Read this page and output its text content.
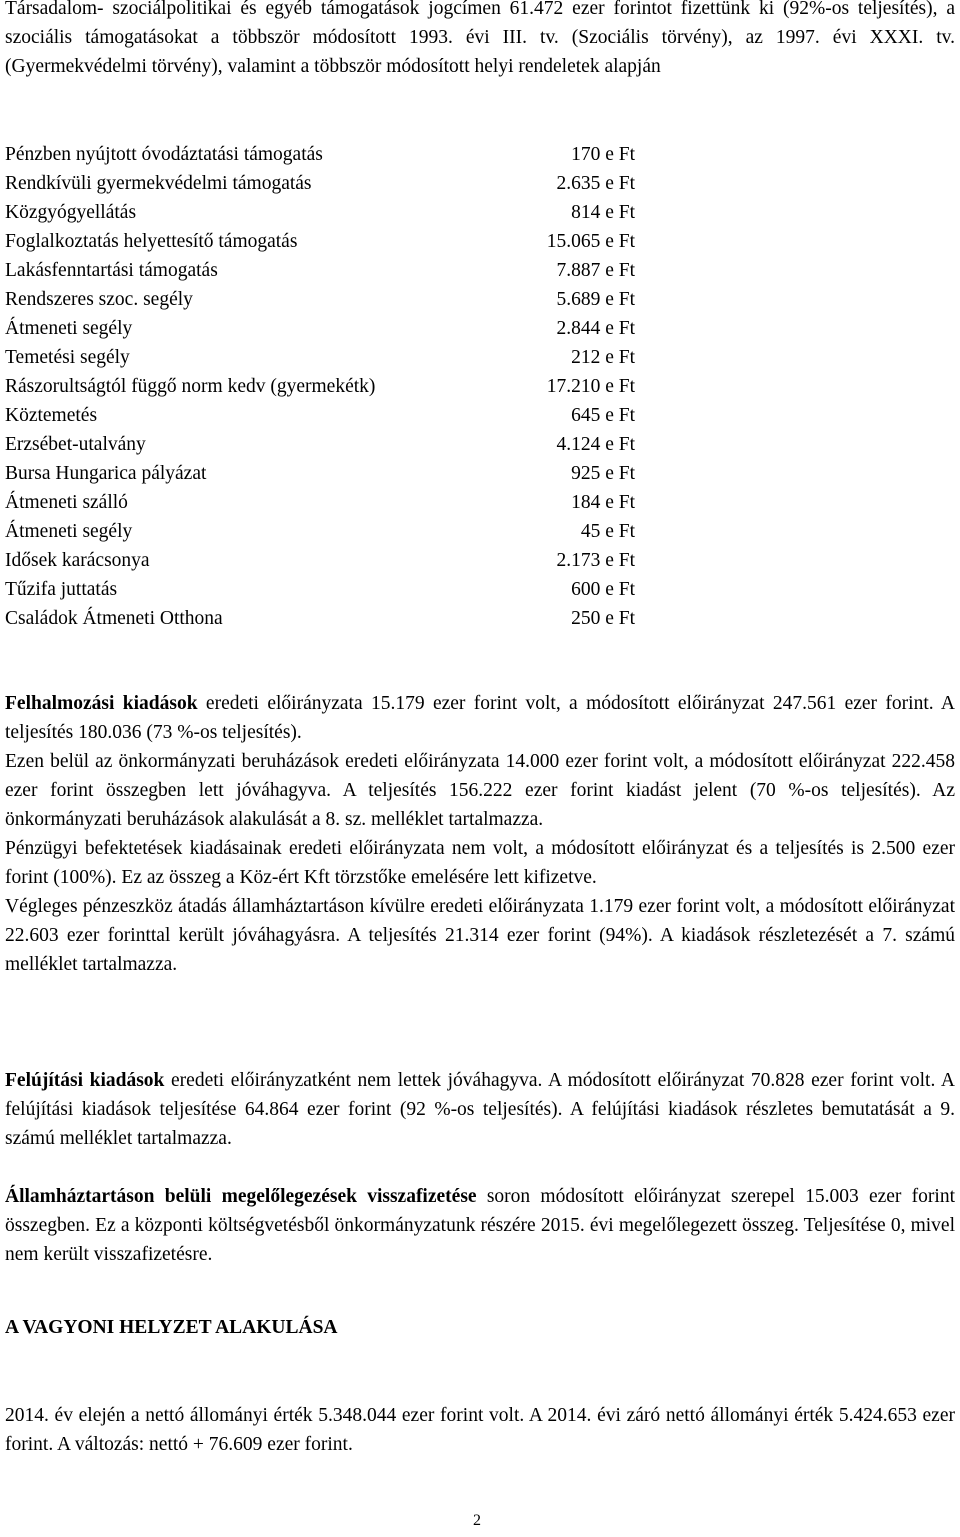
Társadalom- szociálpolitikai és egyéb támogatások jogcímen 61.472 ezer forintot fizettünk ki (92%-os teljesítés), a szociális támogatásokat a többször módosított 1993. évi III. tv. (Szociális törvény), az 1997. évi XXXI. tv. (Gyermekvédelmi törvény), valamint a többször módosított helyi rendeletek alapján

Pénzben nyújtott óvodáztatási támogatás	170 e Ft
Rendkívüli gyermekvédelmi támogatás	2.635 e Ft
Közgyógyellátás	814 e Ft
Foglalkoztatás helyettesítő támogatás	15.065 e Ft
Lakásfenntartási támogatás	7.887 e Ft
Rendszeres szoc. segély	5.689 e Ft
Átmeneti segély	2.844 e Ft
Temetési segély	212 e Ft
Rászorultságtól függő norm kedv (gyermekétk)	17.210 e Ft
Köztemetés	645 e Ft
Erzsébet-utalvány	4.124 e Ft
Bursa Hungarica pályázat	925 e Ft
Átmeneti szálló	184 e Ft
Átmeneti segély	45 e Ft
Idősek karácsonya	2.173 e Ft
Tűzifa juttatás	600 e Ft
Családok Átmeneti Otthona	250 e Ft

Felhalmozási kiadások eredeti előirányzata 15.179 ezer forint volt, a módosított előirányzat 247.561 ezer forint. A teljesítés 180.036 (73 %-os teljesítés).

Ezen belül az önkormányzati beruházások eredeti előirányzata 14.000 ezer forint volt, a módosított előirányzat 222.458 ezer forint összegben lett jóváhagyva. A teljesítés 156.222 ezer forint kiadást jelent (70 %-os teljesítés). Az önkormányzati beruházások alakulását a 8. sz. melléklet tartalmazza.

Pénzügyi befektetések kiadásainak eredeti előirányzata nem volt, a módosított előirányzat és a teljesítés is 2.500 ezer forint (100%). Ez az összeg a Köz-ért Kft törzstőke emelésére lett kifizetve.

Végleges pénzeszköz átadás államháztartáson kívülre eredeti előirányzata 1.179 ezer forint volt, a módosított előirányzat 22.603 ezer forinttal került jóváhagyásra. A teljesítés 21.314 ezer forint (94%). A kiadások részletezését a 7. számú melléklet tartalmazza.

Felújítási kiadások eredeti előirányzatként nem lettek jóváhagyva. A módosított előirányzat 70.828 ezer forint volt. A felújítási kiadások teljesítése 64.864 ezer forint (92 %-os teljesítés). A felújítási kiadások részletes bemutatását a 9. számú melléklet tartalmazza.

Államháztartáson belüli megelőlegezések visszafizetése soron módosított előirányzat szerepel 15.003 ezer forint összegben. Ez a központi költségvetésből önkormányzatunk részére 2015. évi megelőlegezett összeg. Teljesítése 0, mivel nem került visszafizetésre.

A VAGYONI HELYZET ALAKULÁSA

2014. év elején a nettó állományi érték 5.348.044 ezer forint volt. A 2014. évi záró nettó állományi érték 5.424.653 ezer forint. A változás: nettó + 76.609 ezer forint.

2
